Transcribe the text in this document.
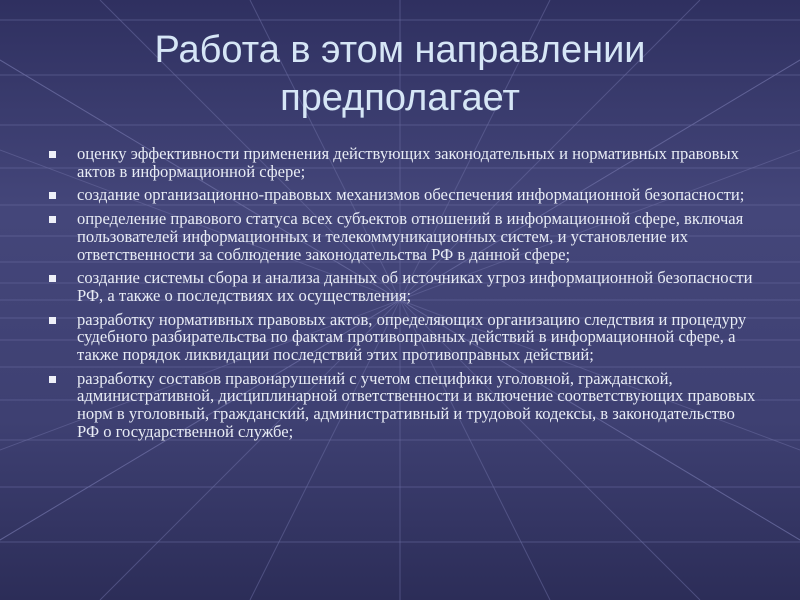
Работа в этом направлении предполагает
оценку эффективности применения действующих законодательных и нормативных правовых актов в информационной сфере;
создание организационно-правовых механизмов обеспечения информационной безопасности;
определение правового статуса всех субъектов отношений в информационной сфере, включая пользователей информационных и телекоммуникационных систем, и установление их ответственности за соблюдение законодательства РФ в данной сфере;
создание системы сбора и анализа данных об источниках угроз информационной безопасности РФ, а также о последствиях их осуществления;
разработку нормативных правовых актов, определяющих организацию следствия и процедуру судебного разбирательства по фактам противоправных действий в информационной сфере, а также порядок ликвидации последствий этих противоправных действий;
разработку составов правонарушений с учетом специфики уголовной, гражданской, административной, дисциплинарной ответственности и включение соответствующих правовых норм в уголовный, гражданский, административный и трудовой кодексы, в законодательство РФ о государственной службе;
